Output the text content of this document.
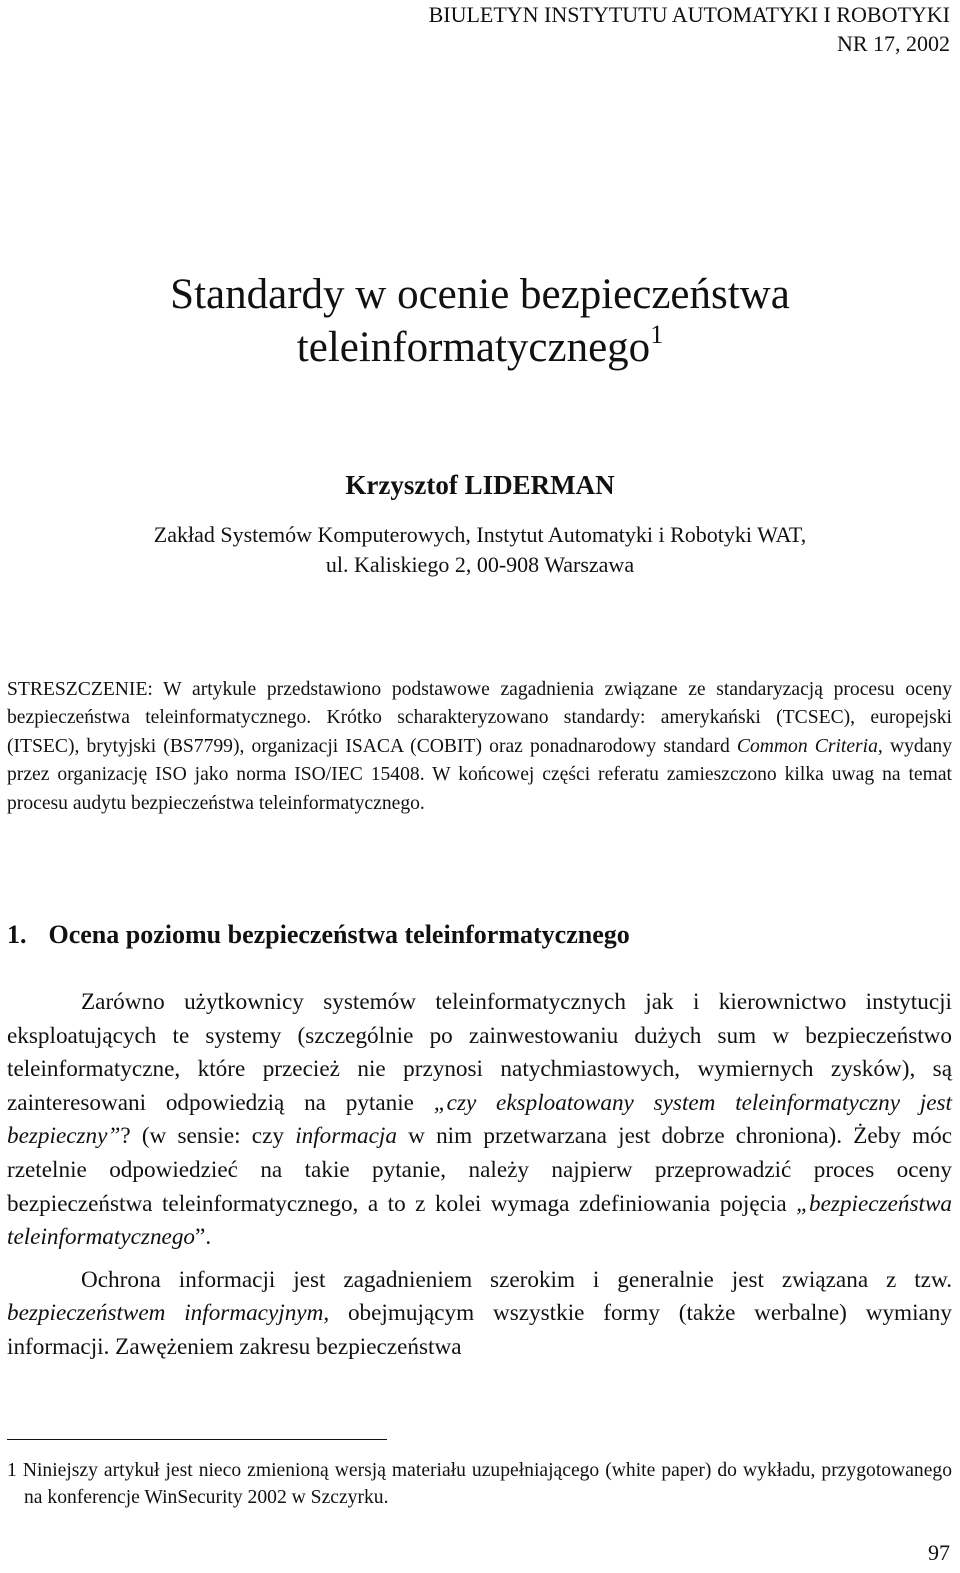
BIULETYN INSTYTUTU AUTOMATYKI I ROBOTYKI
NR 17, 2002
Standardy w ocenie bezpieczeństwa
teleinformatycznego$^1$
Krzysztof LIDERMAN
Zakład Systemów Komputerowych, Instytut Automatyki i Robotyki WAT,
ul. Kaliskiego 2, 00-908 Warszawa
STRESZCZENIE: W artykule przedstawiono podstawowe zagadnienia związane ze standaryzacją procesu oceny bezpieczeństwa teleinformatycznego. Krótko scharakteryzowano standardy: amerykański (TCSEC), europejski (ITSEC), brytyjski (BS7799), organizacji ISACA (COBIT) oraz ponadnarodowy standard Common Criteria, wydany przez organizację ISO jako norma ISO/IEC 15408. W końcowej części referatu zamieszczono kilka uwag na temat procesu audytu bezpieczeństwa teleinformatycznego.
1. Ocena poziomu bezpieczeństwa teleinformatycznego

Zarówno użytkownicy systemów teleinformatycznych jak i kierownictwo instytucji eksploatujących te systemy (szczególnie po zainwestowaniu dużych sum w bezpieczeństwo teleinformatyczne, które przecież nie przynosi natychmiastowych, wymiernych zysków), są zainteresowani odpowiedzią na pytanie „czy eksploatowany system teleinformatyczny jest bezpieczny”? (w sensie: czy informacja w nim przetwarzana jest dobrze chroniona). Żeby móc rzetelnie odpowiedzieć na takie pytanie, należy najpierw przeprowadzić proces oceny bezpieczeństwa teleinformatycznego, a to z kolei wymaga zdefiniowania pojęcia „bezpieczeństwa teleinformatycznego”.

Ochrona informacji jest zagadnieniem szerokim i generalnie jest związana z tzw. bezpieczeństwem informacyjnym, obejmującym wszystkie formy (także werbalne) wymiany informacji. Zawężeniem zakresu bezpieczeństwa

1 Niniejszy artykuł jest nieco zmienioną wersją materiału uzupełniającego (white paper) do wykładu, przygotowanego na konferencje WinSecurity 2002 w Szczyrku.
97
